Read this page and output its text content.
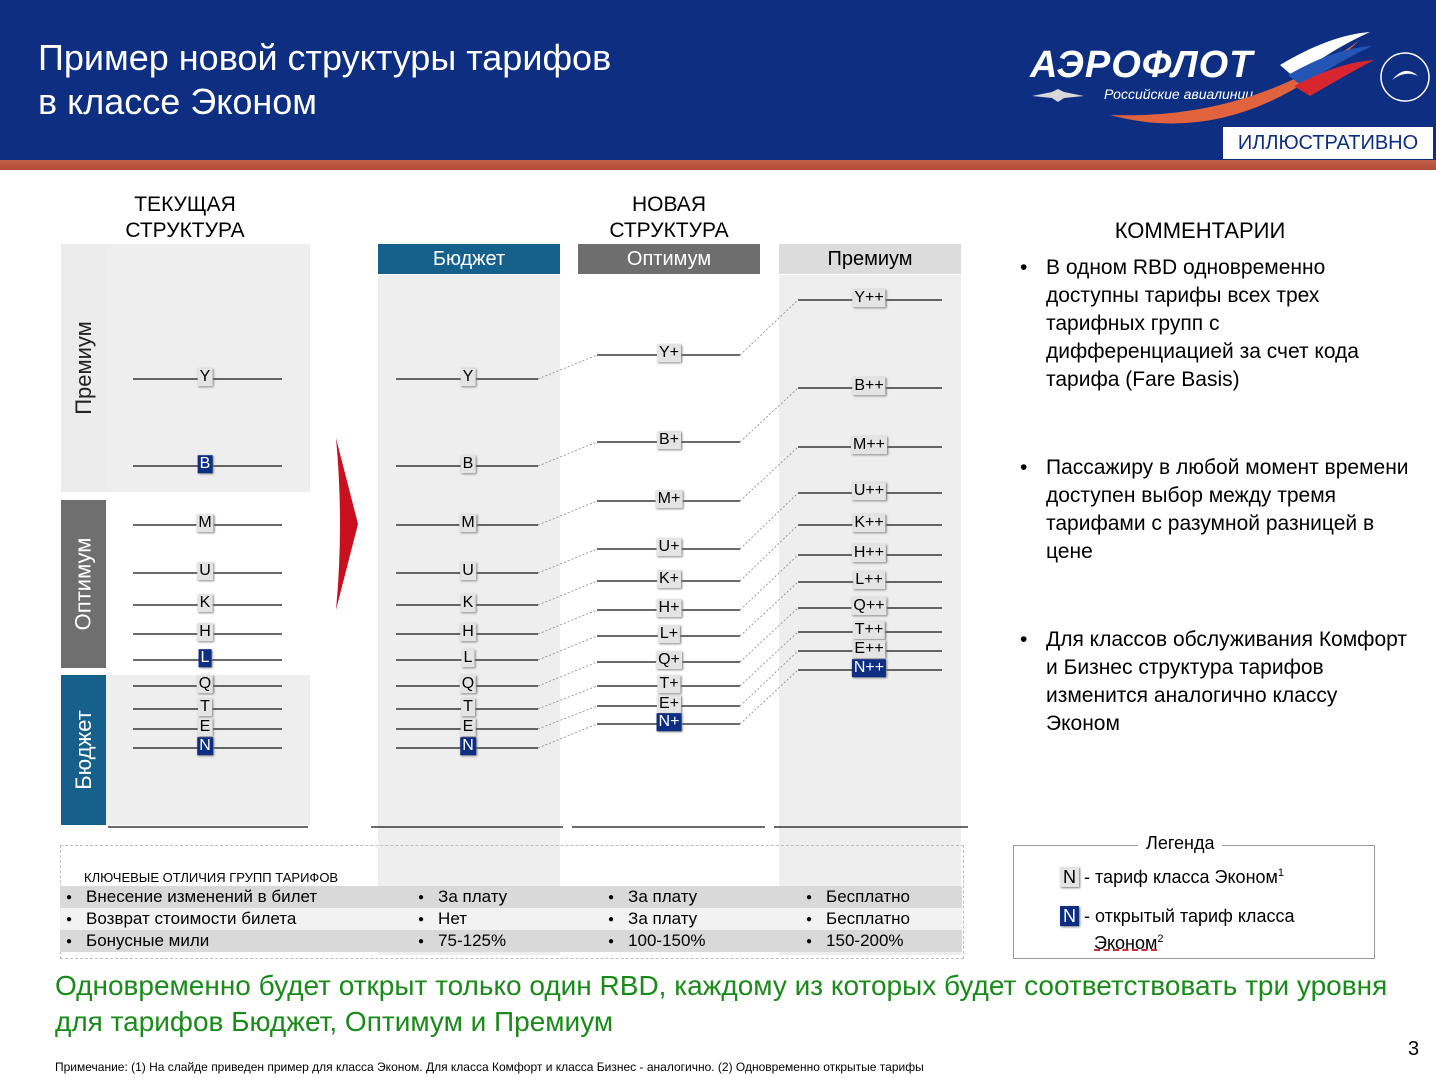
Пример новой структуры тарифов
в классе Эконом
АЭРОФЛОТ
Российские авиалинии
ИЛЛЮСТРАТИВНО
ТЕКУЩАЯ
СТРУКТУРА
Премиум
Оптимум
Бюджет
НОВАЯ
СТРУКТУРА
Бюджет	Оптимум	Премиум
Y
B
M
U
K
H
L
Q
T
E
N
Y
B
M
U
K
H
L
Q
T
E
N
Y+
B+
M+
U+
K+
H+
L+
Q+
T+
E+
N+
Y++
B++
M++
U++
K++
H++
L++
Q++
T++
E++
N++
КОММЕНТАРИИ
• В одном RBD одновременно доступны тарифы всех трех тарифных групп с дифференциацией за счет кода тарифа (Fare Basis)
• Пассажиру в любой момент времени доступен выбор между тремя тарифами с разумной разницей в цене
• Для классов обслуживания Комфорт и Бизнес структура тарифов изменится аналогично классу Эконом
КЛЮЧЕВЫЕ ОТЛИЧИЯ ГРУПП ТАРИФОВ
● Внесение изменений в билет	● За плату	● За плату	● Бесплатно
● Возврат стоимости билета	● Нет	● За плату	● Бесплатно
● Бонусные мили	● 75-125%	● 100-150%	● 150-200%
Легенда
N - тариф класса Эконом$^1$
N - открытый тариф класса
Эконом$^2$
Одновременно будет открыт только один RBD, каждому из которых будет соответствовать три уровня для тарифов Бюджет, Оптимум и Премиум
Примечание: (1) На слайде приведен пример для класса Эконом. Для класса Комфорт и класса Бизнес - аналогично. (2) Одновременно открытые тарифы
3
